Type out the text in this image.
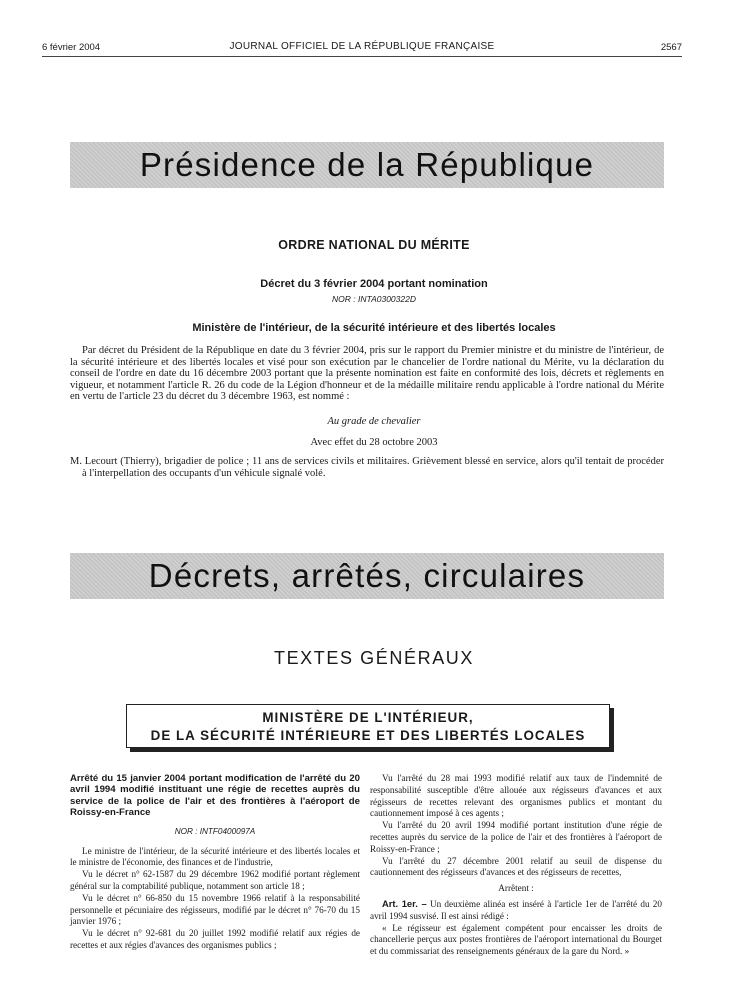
6 février 2004	JOURNAL OFFICIEL DE LA RÉPUBLIQUE FRANÇAISE	2567
Présidence de la République
ORDRE NATIONAL DU MÉRITE
Décret du 3 février 2004 portant nomination
NOR : INTA0300322D
Ministère de l'intérieur, de la sécurité intérieure et des libertés locales
Par décret du Président de la République en date du 3 février 2004, pris sur le rapport du Premier ministre et du ministre de l'intérieur, de la sécurité intérieure et des libertés locales et visé pour son exécution par le chancelier de l'ordre national du Mérite, vu la déclaration du conseil de l'ordre en date du 16 décembre 2003 portant que la présente nomination est faite en conformité des lois, décrets et règlements en vigueur, et notamment l'article R. 26 du code de la Légion d'honneur et de la médaille militaire rendu applicable à l'ordre national du Mérite en vertu de l'article 23 du décret du 3 décembre 1963, est nommé :
Au grade de chevalier
Avec effet du 28 octobre 2003
M. Lecourt (Thierry), brigadier de police ; 11 ans de services civils et militaires. Grièvement blessé en service, alors qu'il tentait de procéder à l'interpellation des occupants d'un véhicule signalé volé.
Décrets, arrêtés, circulaires
TEXTES GÉNÉRAUX
MINISTÈRE DE L'INTÉRIEUR,
DE LA SÉCURITÉ INTÉRIEURE ET DES LIBERTÉS LOCALES
Arrêté du 15 janvier 2004 portant modification de l'arrêté du 20 avril 1994 modifié instituant une régie de recettes auprès du service de la police de l'air et des frontières à l'aéroport de Roissy-en-France
NOR : INTF0400097A

Le ministre de l'intérieur, de la sécurité intérieure et des libertés locales et le ministre de l'économie, des finances et de l'industrie,

Vu le décret n° 62-1587 du 29 décembre 1962 modifié portant règlement général sur la comptabilité publique, notamment son article 18 ;

Vu le décret n° 66-850 du 15 novembre 1966 relatif à la responsabilité personnelle et pécuniaire des régisseurs, modifié par le décret n° 76-70 du 15 janvier 1976 ;

Vu le décret n° 92-681 du 20 juillet 1992 modifié relatif aux régies de recettes et aux régies d'avances des organismes publics ;

Vu l'arrêté du 28 mai 1993 modifié relatif aux taux de l'indemnité de responsabilité susceptible d'être allouée aux régisseurs d'avances et aux régisseurs de recettes relevant des organismes publics et montant du cautionnement imposé à ces agents ;

Vu l'arrêté du 20 avril 1994 modifié portant institution d'une régie de recettes auprès du service de la police de l'air et des frontières à l'aéroport de Roissy-en-France ;

Vu l'arrêté du 27 décembre 2001 relatif au seuil de dispense du cautionnement des régisseurs d'avances et des régisseurs de recettes,

Arrêtent :

Art. 1er. – Un deuxième alinéa est inséré à l'article 1er de l'arrêté du 20 avril 1994 susvisé. Il est ainsi rédigé :

« Le régisseur est également compétent pour encaisser les droits de chancellerie perçus aux postes frontières de l'aéroport international du Bourget et du commissariat des renseignements généraux de la gare du Nord. »
